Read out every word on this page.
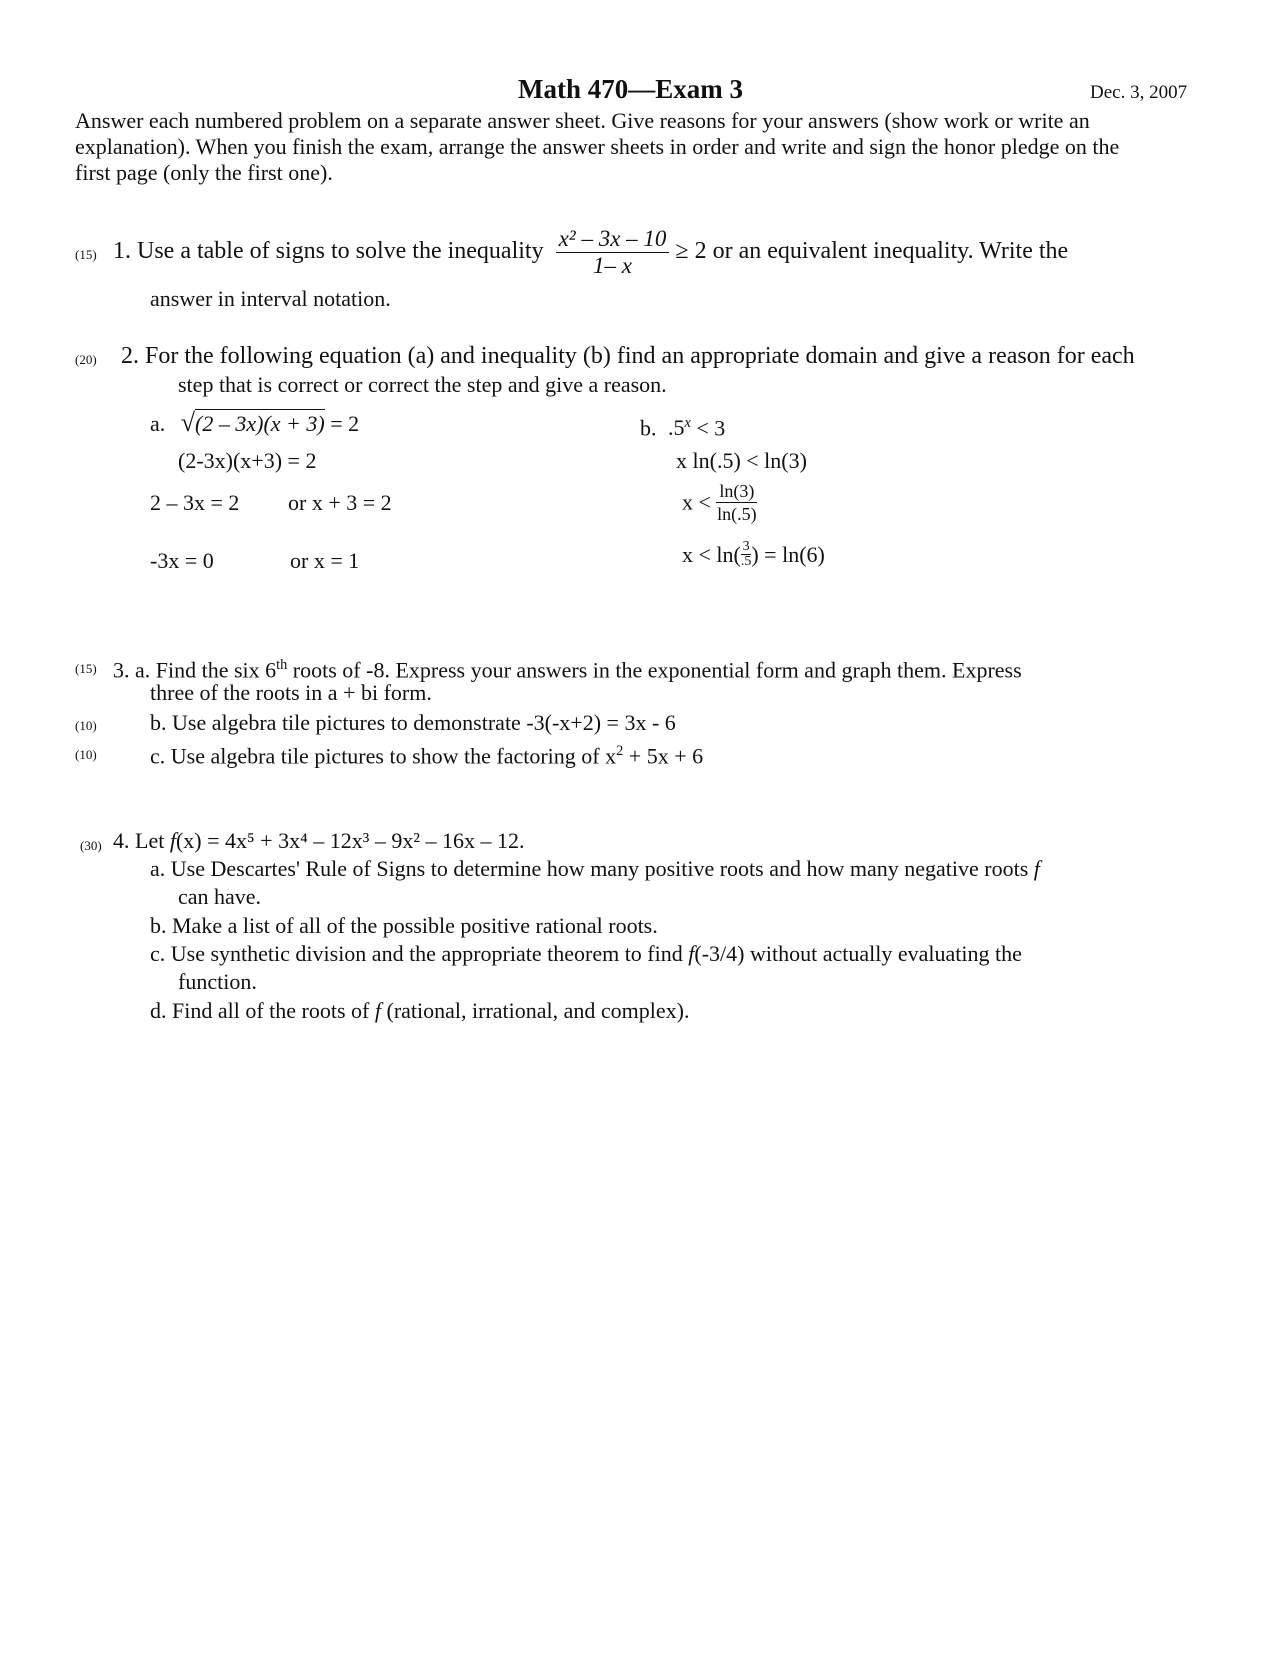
Math 470—Exam 3	Dec. 3, 2007
Answer each numbered problem on a separate answer sheet. Give reasons for your answers (show work or write an
explanation). When you finish the exam, arrange the answer sheets in order and write and sign the honor pledge on the
first page (only the first one).
(15) 1. Use a table of signs to solve the inequality $\frac{\text{x² – 3x – 10}}{1- x} \ge 2$ or an equivalent inequality. Write the
answer in interval notation.
(20) 2. For the following equation (a) and inequality (b) find an appropriate domain and give a reason for each
step that is correct or correct the step and give a reason.
a. √(2 – 3x)(x + 3) = 2
(2-3x)(x+3) = 2
2 – 3x = 2 or x + 3 = 2
-3x = 0	or x = 1
b. $.5^x < 3$
x ln(.5) < ln(3)
$x < \frac{\ln(3)}{\ln(.5)}$
$x < \ln( \frac{3}{.5}$ ) = ln(6)
(15) 3. a. Find the six 6th roots of -8. Express your answers in the exponential form and graph them. Express
three of the roots in a + bi form.
(10) b. Use algebra tile pictures to demonstrate -3(-x+2) = 3x - 6
(10) c. Use algebra tile pictures to show the factoring of $x^2 + 5x + 6$
(30) 4. Let f(x) = 4x⁵ + 3x⁴ – 12x³ – 9x² – 16x – 12.
a. Use Descartes' Rule of Signs to determine how many positive roots and how many negative roots f
can have.
b. Make a list of all of the possible positive rational roots.
c. Use synthetic division and the appropriate theorem to find f(-3/4) without actually evaluating the
function.
d. Find all of the roots of f (rational, irrational, and complex).
